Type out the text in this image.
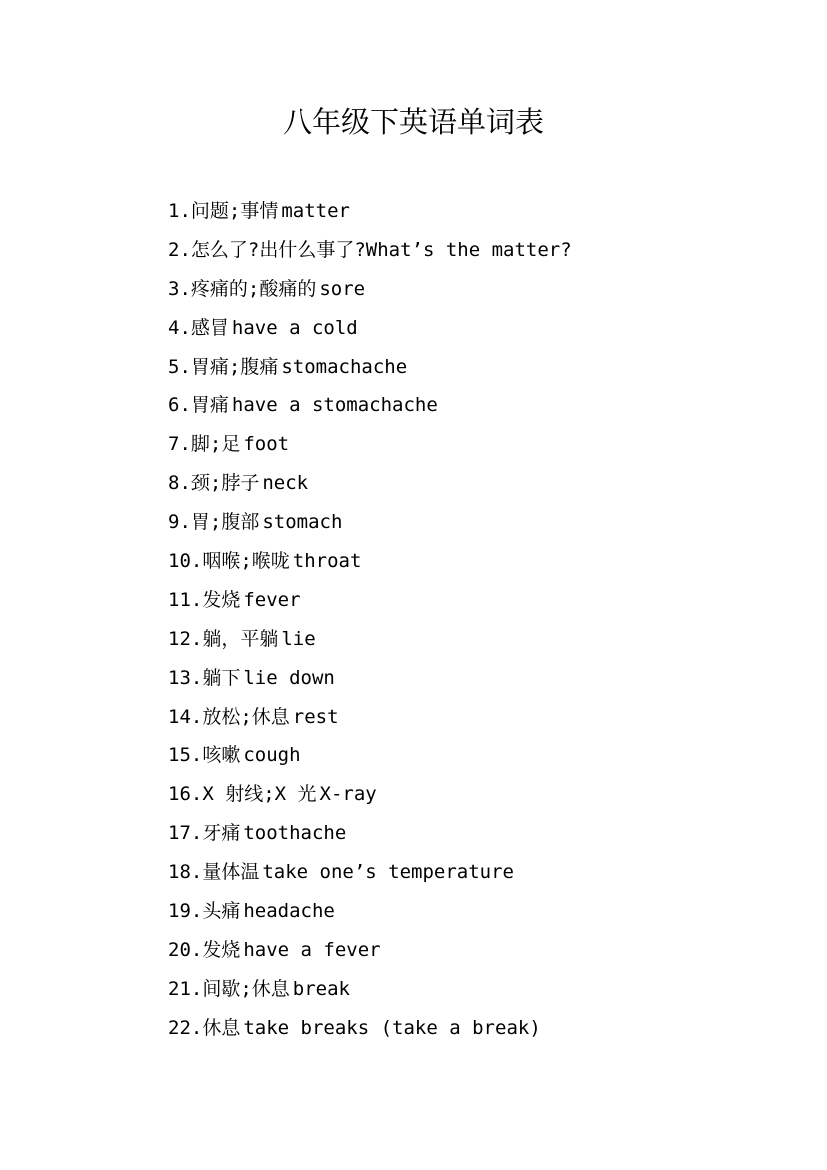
八年级下英语单词表
1.问题;事情 matter
2.怎么了?出什么事了?What’s the matter?
3.疼痛的;酸痛的 sore
4.感冒 have a cold
5.胃痛;腹痛 stomachache
6.胃痛 have a stomachache
7.脚;足 foot
8.颈;脖子 neck
9.胃;腹部 stomach
10.咽喉;喉咙 throat
11.发烧 fever
12.躺，平躺 lie
13.躺下 lie down
14.放松;休息 rest
15.咳嗽 cough
16.X 射线;X 光 X-ray
17.牙痛 toothache
18.量体温 take one’s temperature
19.头痛 headache
20.发烧 have a fever
21.间歇;休息 break
22.休息 take breaks (take a break)
